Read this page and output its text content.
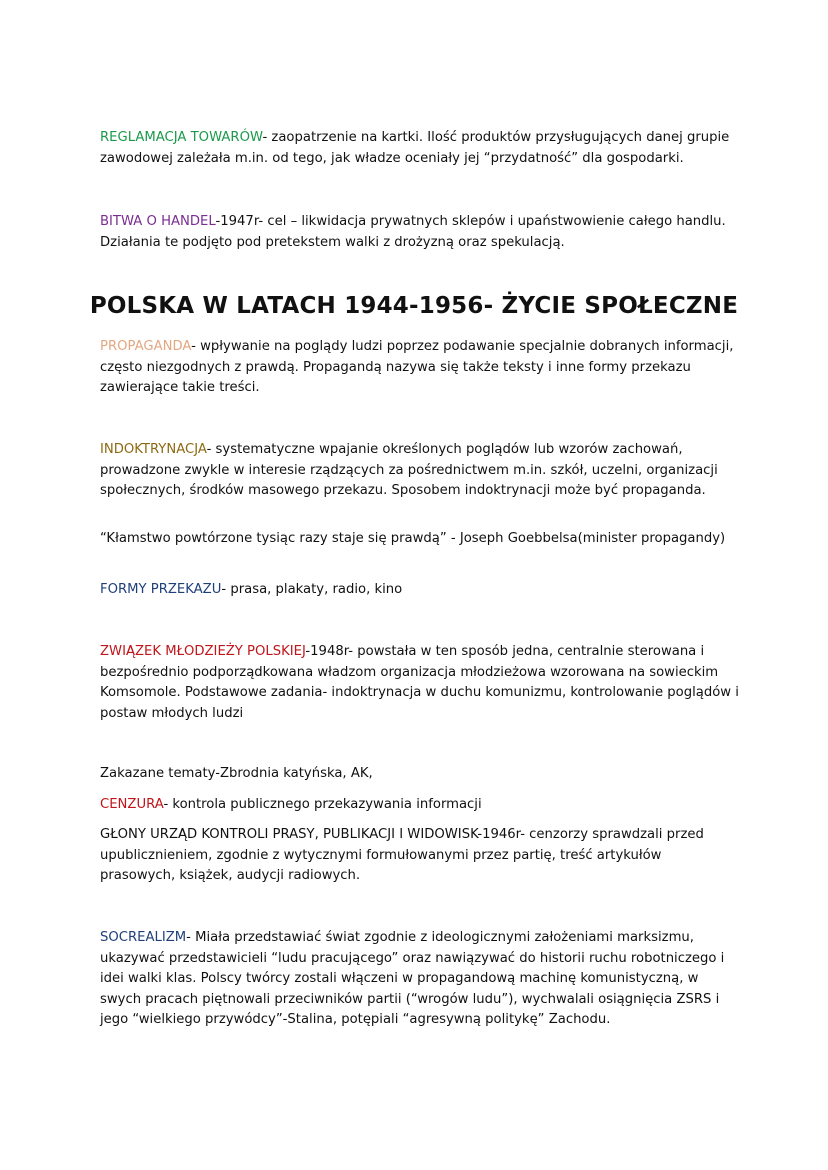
REGLAMACJA TOWARÓW- zaopatrzenie na kartki. Ilość produktów przysługujących danej grupie zawodowej zależała m.in. od tego, jak władze oceniały jej “przydatność” dla gospodarki.

BITWA O HANDEL-1947r- cel – likwidacja prywatnych sklepów i upaństwowienie całego handlu. Działania te podjęto pod pretekstem walki z drożyzną oraz spekulacją.

POLSKA W LATACH 1944-1956- ŻYCIE SPOŁECZNE

PROPAGANDA- wpływanie na poglądy ludzi poprzez podawanie specjalnie dobranych informacji, często niezgodnych z prawdą. Propagandą nazywa się także teksty i inne formy przekazu zawierające takie treści.

INDOKTRYNACJA- systematyczne wpajanie określonych poglądów lub wzorów zachowań, prowadzone zwykle w interesie rządzących za pośrednictwem m.in. szkół, uczelni, organizacji społecznych, środków masowego przekazu. Sposobem indoktrynacji może być propaganda.

“Kłamstwo powtórzone tysiąc razy staje się prawdą” - Joseph Goebbelsa(minister propagandy)

FORMY PRZEKAZU- prasa, plakaty, radio, kino

ZWIĄZEK MŁODZIEŻY POLSKIEJ-1948r- powstała w ten sposób jedna, centralnie sterowana i bezpośrednio podporządkowana władzom organizacja młodzieżowa wzorowana na sowieckim Komsomole. Podstawowe zadania- indoktrynacja w duchu komunizmu, kontrolowanie poglądów i postaw młodych ludzi

Zakazane tematy-Zbrodnia katyńska, AK,

CENZURA- kontrola publicznego przekazywania informacji

GŁONY URZĄD KONTROLI PRASY, PUBLIKACJI I WIDOWISK-1946r- cenzorzy sprawdzali przed upublicznieniem, zgodnie z wytycznymi formułowanymi przez partię, treść artykułów prasowych, książek, audycji radiowych.

SOCREALIZM- Miała przedstawiać świat zgodnie z ideologicznymi założeniami marksizmu, ukazywać przedstawicieli “ludu pracującego” oraz nawiązywać do historii ruchu robotniczego i idei walki klas. Polscy twórcy zostali włączeni w propagandową machinę komunistyczną, w swych pracach piętnowali przeciwników partii (“wrogów ludu”), wychwalali osiągnięcia ZSRS i jego “wielkiego przywódcy”-Stalina, potępiali “agresywną politykę” Zachodu.
